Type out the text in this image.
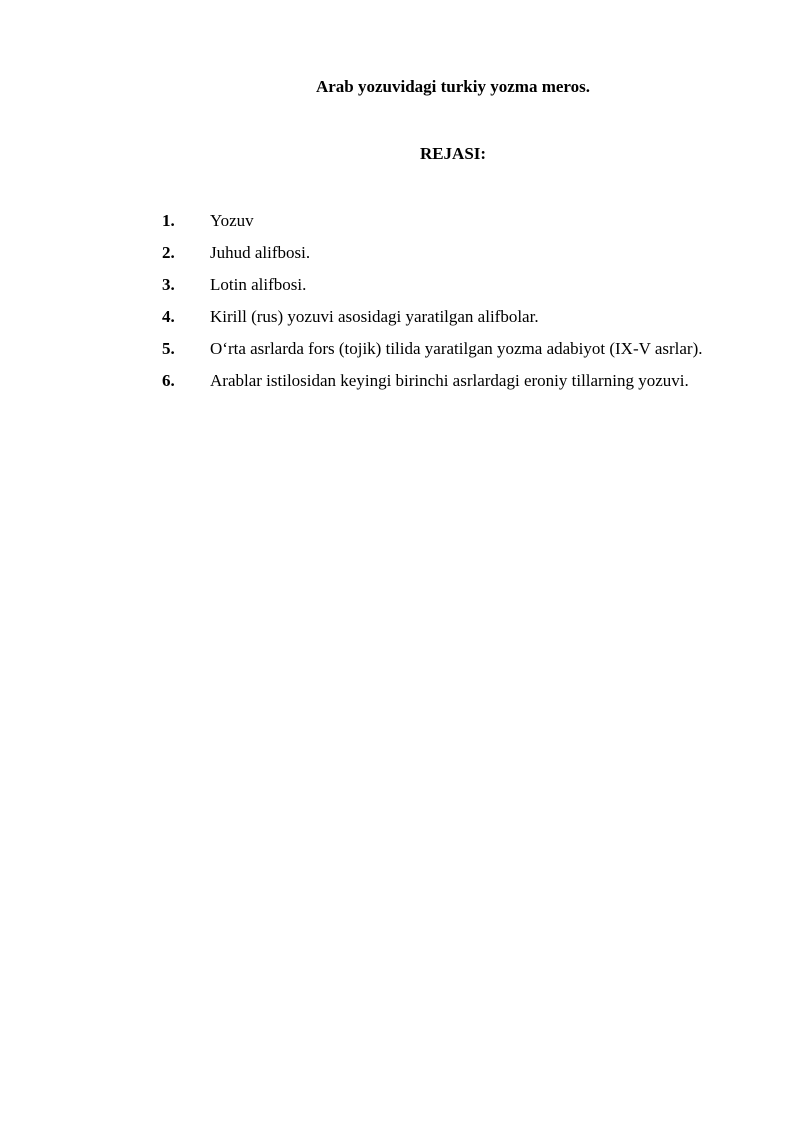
Arab yozuvidagi turkiy yozma meros.
REJASI:
1.	Yozuv
2.	Juhud alifbosi.
3.	Lotin alifbosi.
4.	Kirill (rus) yozuvi asosidagi yaratilgan alifbolar.
5.	O‘rta asrlarda fors (tojik) tilida yaratilgan yozma adabiyot (IX-V asrlar).
6.	Arablar istilosidan keyingi birinchi asrlardagi eroniy tillarning yozuvi.
